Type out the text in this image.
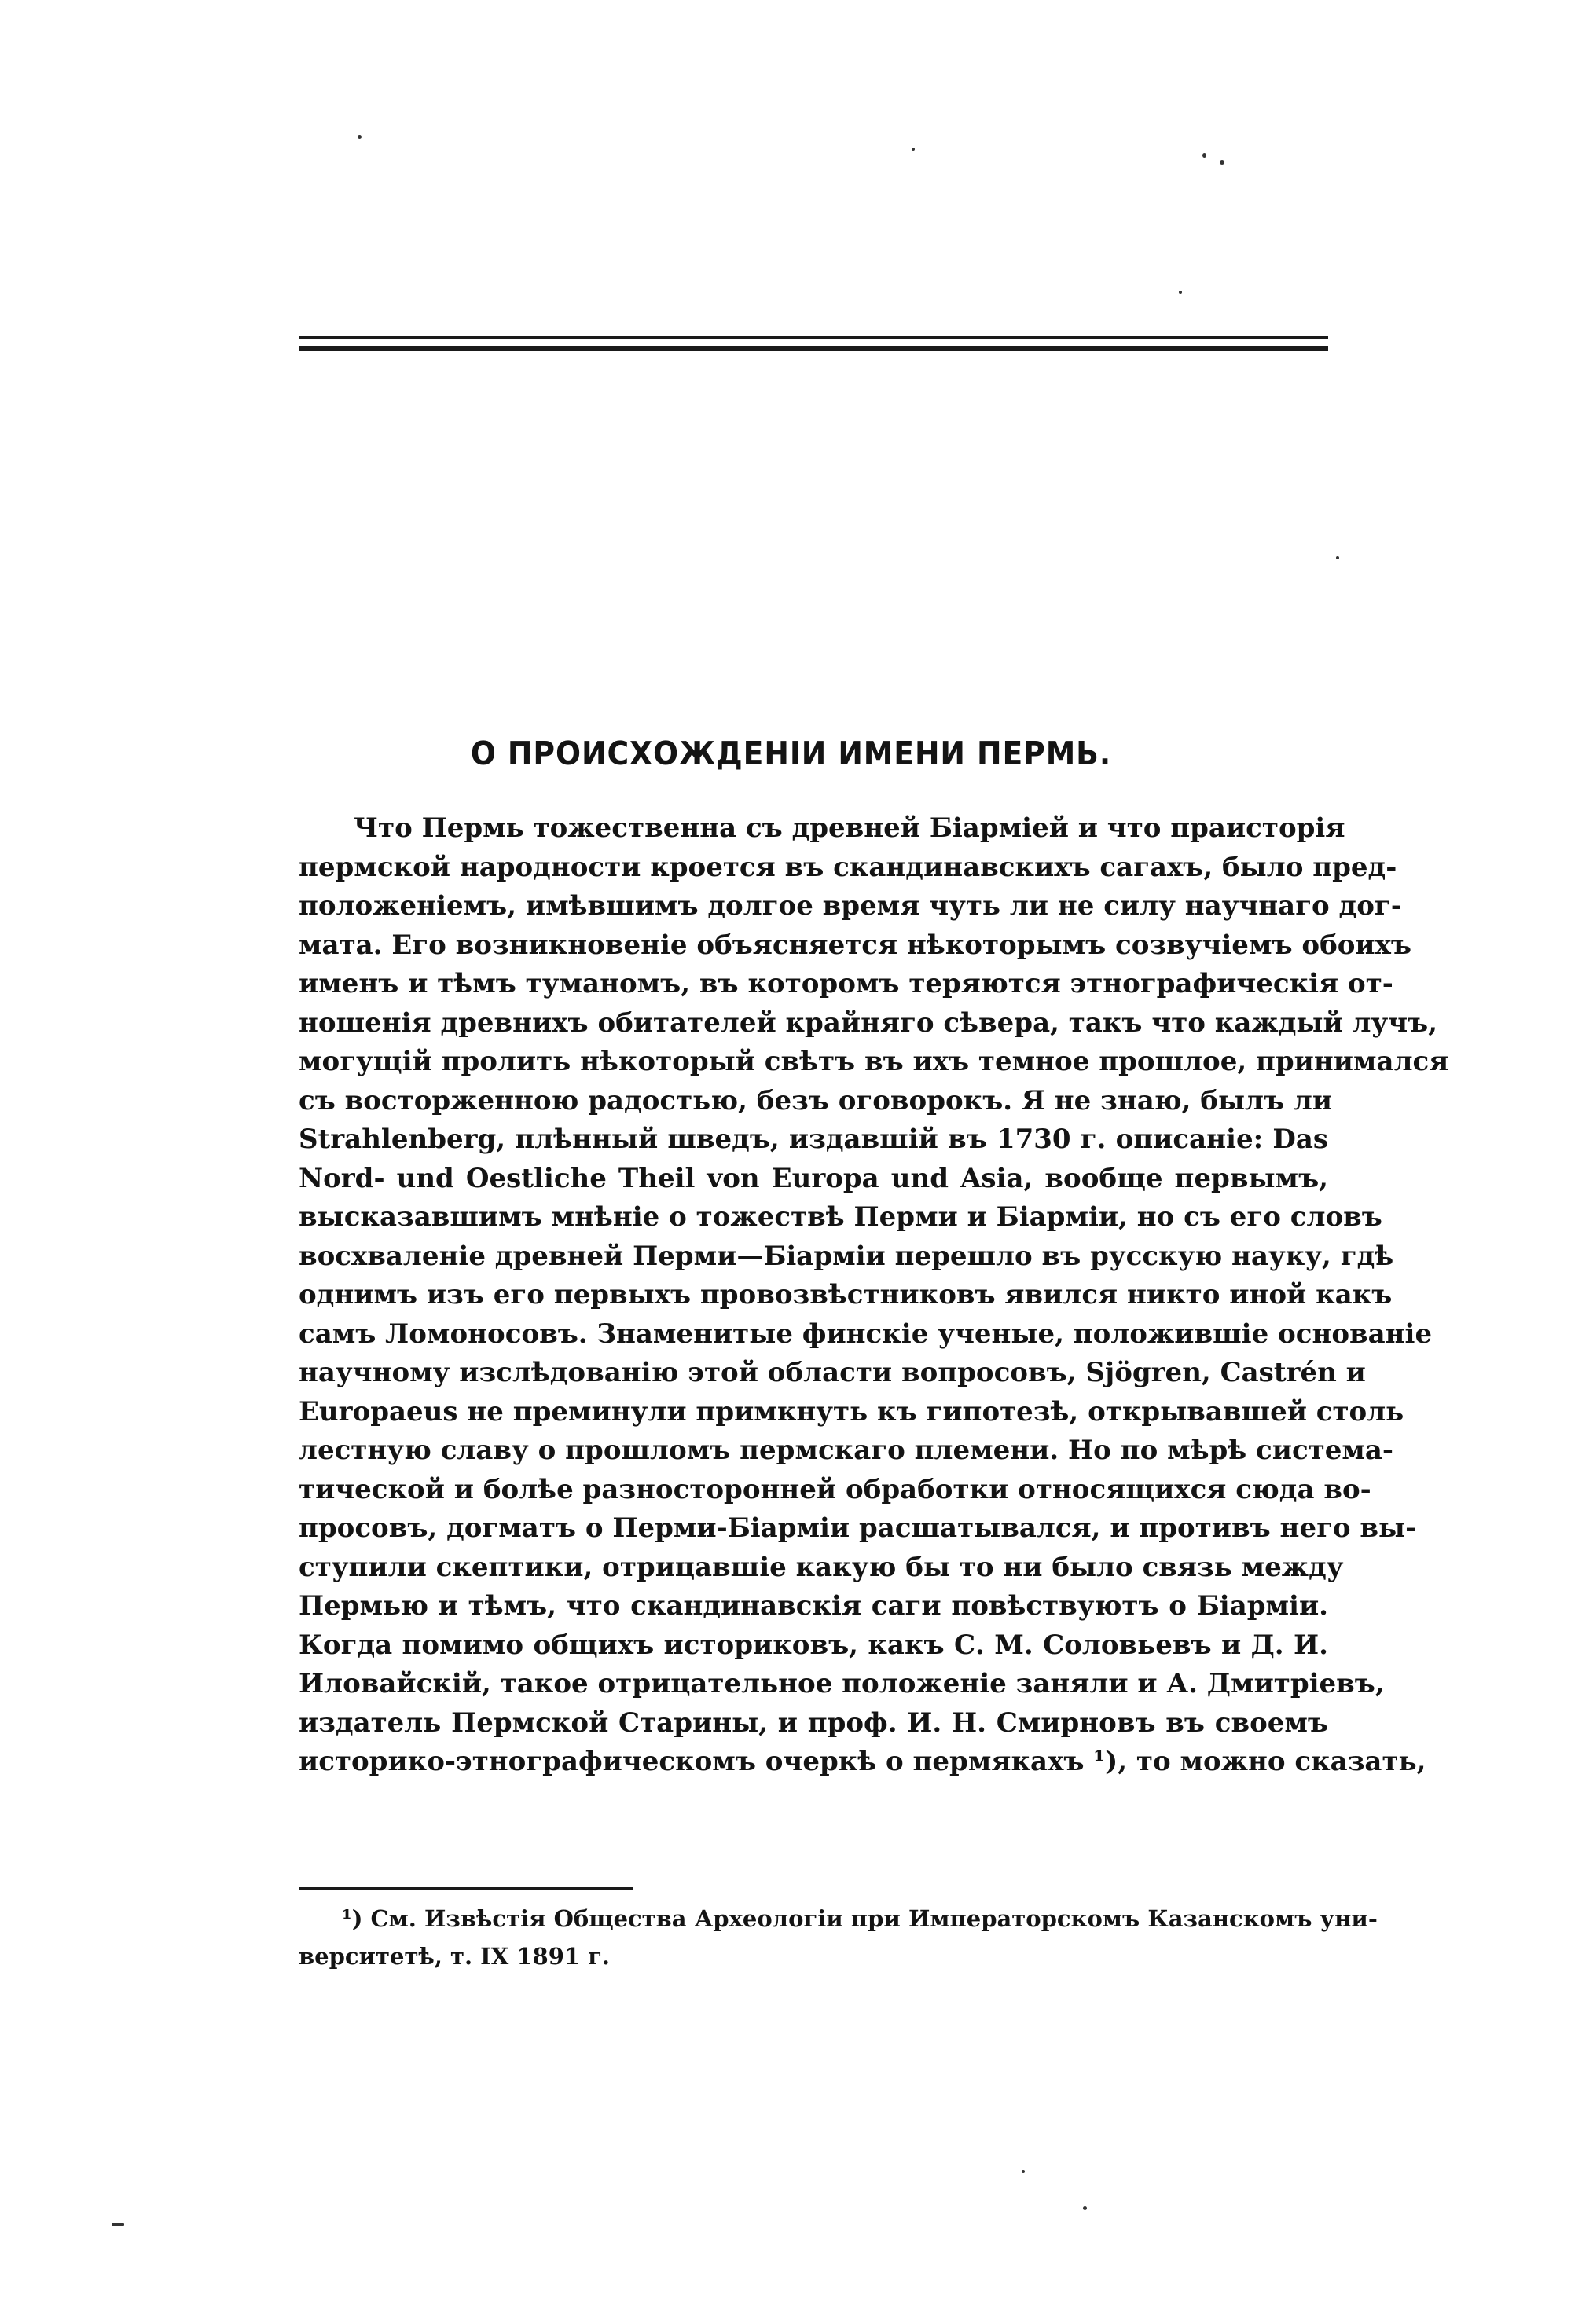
О ПРОИСХОЖДЕНІИ ИМЕНИ ПЕРМЬ.
Что Пермь тожественна съ древней Біарміей и что праисторія
пермской народности кроется въ скандинавскихъ сагахъ, было пред-
положеніемъ, имѣвшимъ долгое время чуть ли не силу научнаго дог-
мата. Его возникновеніе объясняется нѣкоторымъ созвучіемъ обоихъ
именъ и тѣмъ туманомъ, въ которомъ теряются этнографическія от-
ношенія древнихъ обитателей крайняго сѣвера, такъ что каждый лучъ,
могущій пролить нѣкоторый свѣтъ въ ихъ темное прошлое, принимался
съ восторженною радостью, безъ оговорокъ. Я не знаю, былъ ли
Strahlenberg, плѣнный шведъ, издавшій въ 1730 г. описаніе: Das
Nord- und Oestliche Theil von Europa und Asia, вообще первымъ,
высказавшимъ мнѣніе о тожествѣ Перми и Біарміи, но съ его словъ
восхваленіе древней Перми—Біарміи перешло въ русскую науку, гдѣ
однимъ изъ его первыхъ провозвѣстниковъ явился никто иной какъ
самъ Ломоносовъ. Знаменитые финскіе ученые, положившіе основаніе
научному изслѣдованію этой области вопросовъ, Sjögren, Castrén и
Europaeus не преминули примкнуть къ гипотезѣ, открывавшей столь
лестную славу о прошломъ пермскаго племени. Но по мѣрѣ система-
тической и болѣе разносторонней обработки относящихся сюда во-
просовъ, догматъ о Перми-Біарміи расшатывался, и противъ него вы-
ступили скептики, отрицавшіе какую бы то ни было связь между
Пермью и тѣмъ, что скандинавскія саги повѣствуютъ о Біарміи.
Когда помимо общихъ историковъ, какъ С. М. Соловьевъ и Д. И.
Иловайскій, такое отрицательное положеніе заняли и А. Дмитріевъ,
издатель Пермской Старины, и проф. И. Н. Смирновъ въ своемъ
историко-этнографическомъ очеркѣ о пермякахъ ¹), то можно сказать,
¹) См. Извѣстія Общества Археологіи при Императорскомъ Казанскомъ уни-
верситетѣ, т. IX 1891 г.
